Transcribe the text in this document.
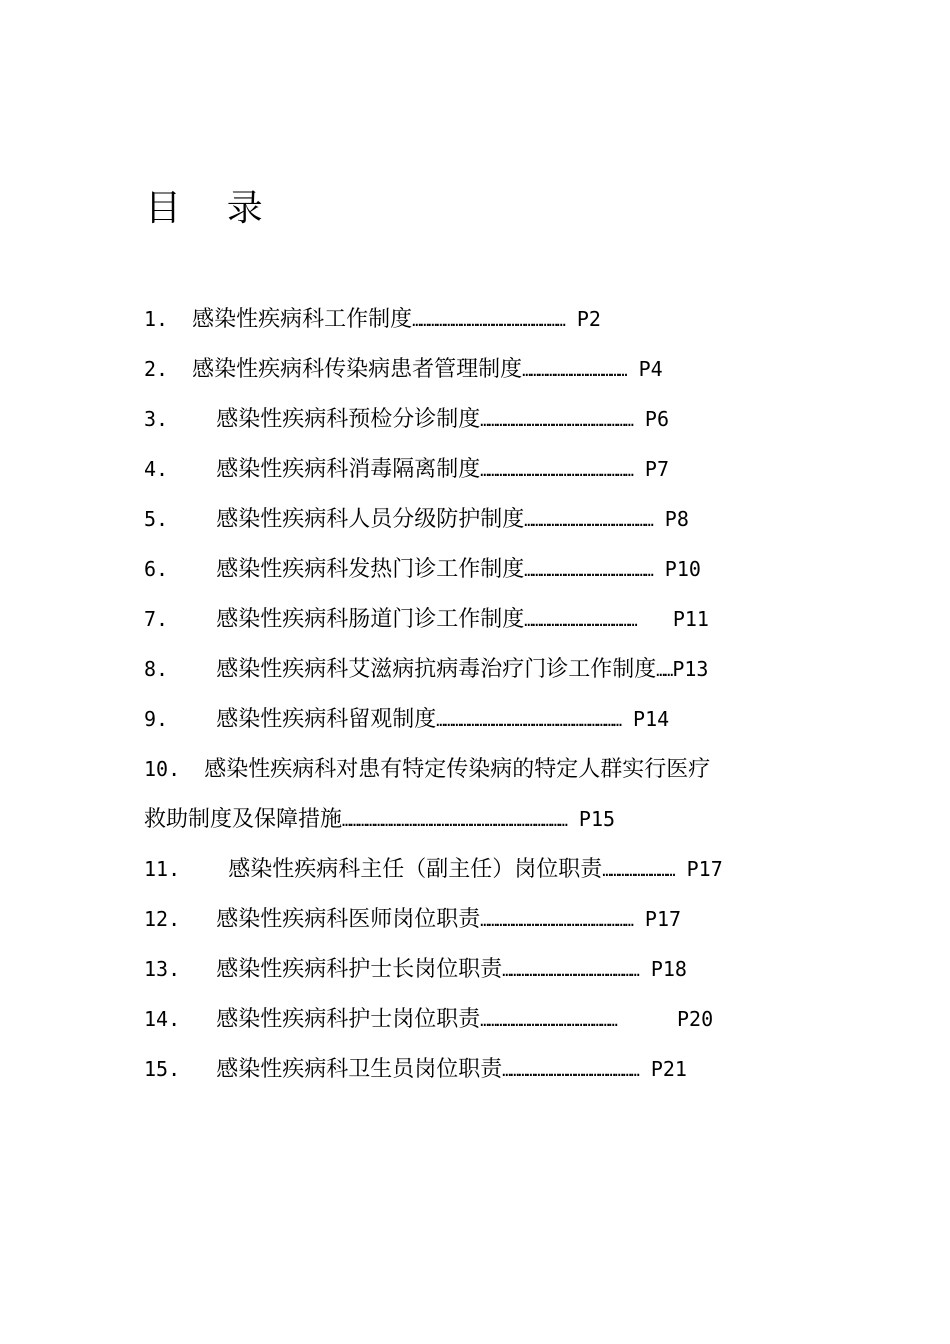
目    录
1.  感染性疾病科工作制度………………………………………………… P2
2.  感染性疾病科传染病患者管理制度………………………………… P4
3.    感染性疾病科预检分诊制度………………………………………………… P6
4.    感染性疾病科消毒隔离制度………………………………………………… P7
5.    感染性疾病科人员分级防护制度………………………………………… P8
6.    感染性疾病科发热门诊工作制度………………………………………… P10
7.    感染性疾病科肠道门诊工作制度……………………………………   P11
8.    感染性疾病科艾滋病抗病毒治疗门诊工作制度……P13
9.    感染性疾病科留观制度…………………………………………………………… P14
10.  感染性疾病科对患有特定传染病的特定人群实行医疗
救助制度及保障措施………………………………………………………………………… P15
11.    感染性疾病科主任（副主任）岗位职责……………………… P17
12.   感染性疾病科医师岗位职责………………………………………………… P17
13.   感染性疾病科护士长岗位职责…………………………………………… P18
14.   感染性疾病科护士岗位职责……………………………………………     P20
15.   感染性疾病科卫生员岗位职责…………………………………………… P21
